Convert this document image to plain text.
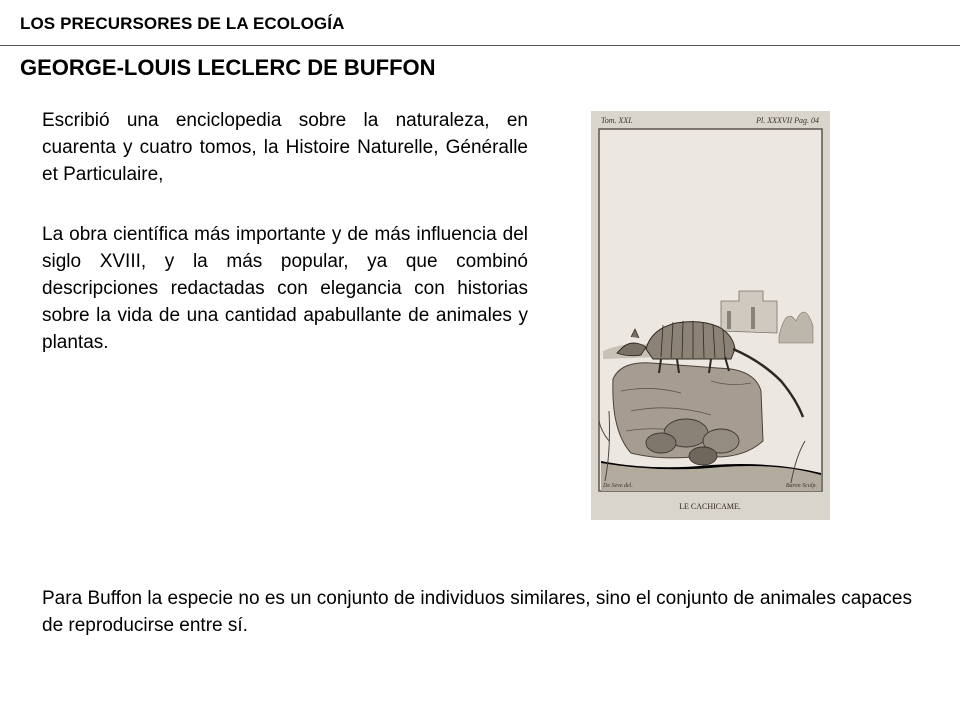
LOS PRECURSORES DE LA ECOLOGÍA
GEORGE-LOUIS LECLERC DE BUFFON

Escribió una enciclopedia sobre la naturaleza, en cuarenta y cuatro tomos, la Histoire Naturelle, Généralle et Particulaire,

La obra científica más importante y de más influencia del siglo XVIII, y la más popular, ya que combinó descripciones redactadas con elegancia con historias sobre la vida de una cantidad apabullante de animales y plantas.

Tom. XXI.	Pl. XXXVII Pag. 04
De Seve del.	Baron Sculp.
LE CACHICAME.

Para Buffon la especie no es un conjunto de individuos similares, sino el conjunto de animales capaces de reproducirse entre sí.
